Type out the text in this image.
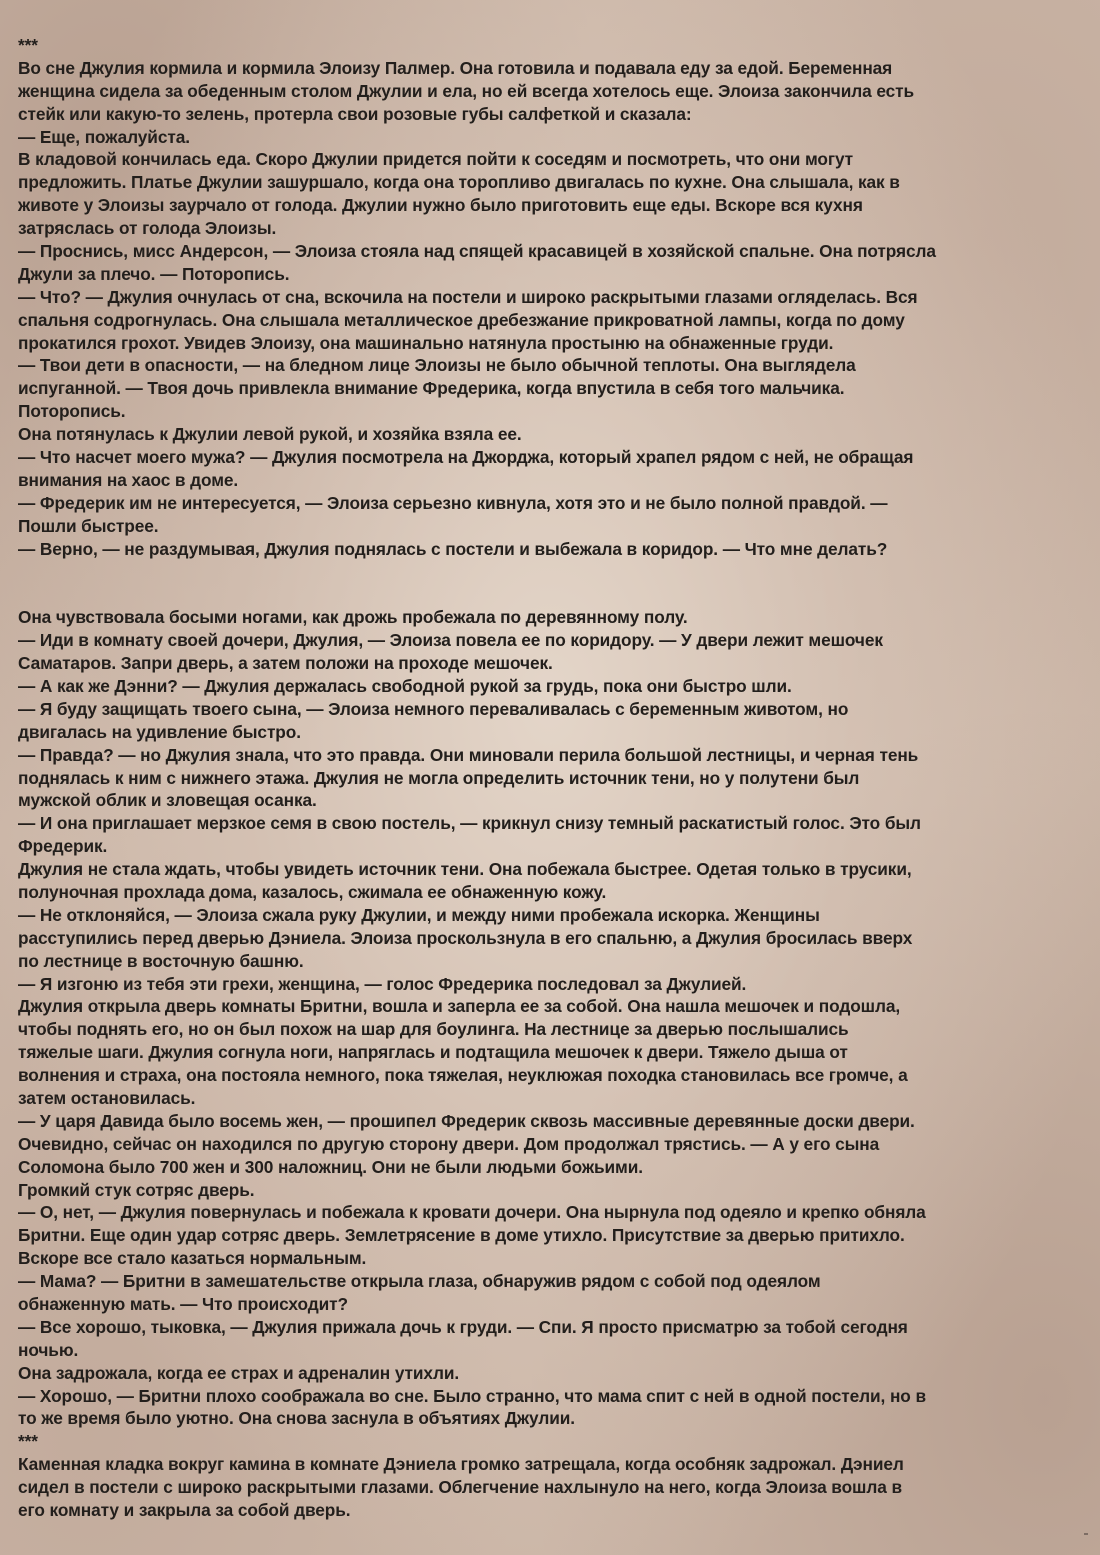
***
Во сне Джулия кормила и кормила Элоизу Палмер. Она готовила и подавала еду за едой. Беременная
женщина сидела за обеденным столом Джулии и ела, но ей всегда хотелось еще. Элоиза закончила есть
стейк или какую-то зелень, протерла свои розовые губы салфеткой и сказала:
— Еще, пожалуйста.
В кладовой кончилась еда. Скоро Джулии придется пойти к соседям и посмотреть, что они могут
предложить. Платье Джулии зашуршало, когда она торопливо двигалась по кухне. Она слышала, как в
животе у Элоизы заурчало от голода. Джулии нужно было приготовить еще еды. Вскоре вся кухня
затряслась от голода Элоизы.
— Проснись, мисс Андерсон, — Элоиза стояла над спящей красавицей в хозяйской спальне. Она потрясла
Джули за плечо. — Поторопись.
— Что? — Джулия очнулась от сна, вскочила на постели и широко раскрытыми глазами огляделась. Вся
спальня содрогнулась. Она слышала металлическое дребезжание прикроватной лампы, когда по дому
прокатился грохот. Увидев Элоизу, она машинально натянула простыню на обнаженные груди.
— Твои дети в опасности, — на бледном лице Элоизы не было обычной теплоты. Она выглядела
испуганной. — Твоя дочь привлекла внимание Фредерика, когда впустила в себя того мальчика.
Поторопись.
Она потянулась к Джулии левой рукой, и хозяйка взяла ее.
— Что насчет моего мужа? — Джулия посмотрела на Джорджа, который храпел рядом с ней, не обращая
внимания на хаос в доме.
— Фредерик им не интересуется, — Элоиза серьезно кивнула, хотя это и не было полной правдой. —
Пошли быстрее.
— Верно, — не раздумывая, Джулия поднялась с постели и выбежала в коридор. — Что мне делать?
Она чувствовала босыми ногами, как дрожь пробежала по деревянному полу.
— Иди в комнату своей дочери, Джулия, — Элоиза повела ее по коридору. — У двери лежит мешочек
Саматаров. Запри дверь, а затем положи на проходе мешочек.
— А как же Дэнни? — Джулия держалась свободной рукой за грудь, пока они быстро шли.
— Я буду защищать твоего сына, — Элоиза немного переваливалась с беременным животом, но
двигалась на удивление быстро.
— Правда? — но Джулия знала, что это правда. Они миновали перила большой лестницы, и черная тень
поднялась к ним с нижнего этажа. Джулия не могла определить источник тени, но у полутени был
мужской облик и зловещая осанка.
— И она приглашает мерзкое семя в свою постель, — крикнул снизу темный раскатистый голос. Это был
Фредерик.
Джулия не стала ждать, чтобы увидеть источник тени. Она побежала быстрее. Одетая только в трусики,
полуночная прохлада дома, казалось, сжимала ее обнаженную кожу.
— Не отклоняйся, — Элоиза сжала руку Джулии, и между ними пробежала искорка. Женщины
расступились перед дверью Дэниела. Элоиза проскользнула в его спальню, а Джулия бросилась вверх
по лестнице в восточную башню.
— Я изгоню из тебя эти грехи, женщина, — голос Фредерика последовал за Джулией.
Джулия открыла дверь комнаты Бритни, вошла и заперла ее за собой. Она нашла мешочек и подошла,
чтобы поднять его, но он был похож на шар для боулинга. На лестнице за дверью послышались
тяжелые шаги. Джулия согнула ноги, напряглась и подтащила мешочек к двери. Тяжело дыша от
волнения и страха, она постояла немного, пока тяжелая, неуклюжая походка становилась все громче, а
затем остановилась.
— У царя Давида было восемь жен, — прошипел Фредерик сквозь массивные деревянные доски двери.
Очевидно, сейчас он находился по другую сторону двери. Дом продолжал трястись. — А у его сына
Соломона было 700 жен и 300 наложниц. Они не были людьми божьими.
Громкий стук сотряс дверь.
— О, нет, — Джулия повернулась и побежала к кровати дочери. Она нырнула под одеяло и крепко обняла
Бритни. Еще один удар сотряс дверь. Землетрясение в доме утихло. Присутствие за дверью притихло.
Вскоре все стало казаться нормальным.
— Мама? — Бритни в замешательстве открыла глаза, обнаружив рядом с собой под одеялом
обнаженную мать. — Что происходит?
— Все хорошо, тыковка, — Джулия прижала дочь к груди. — Спи. Я просто присматрю за тобой сегодня
ночью.
Она задрожала, когда ее страх и адреналин утихли.
— Хорошо, — Бритни плохо соображала во сне. Было странно, что мама спит с ней в одной постели, но в
то же время было уютно. Она снова заснула в объятиях Джулии.
***
Каменная кладка вокруг камина в комнате Дэниела громко затрещала, когда особняк задрожал. Дэниел
сидел в постели с широко раскрытыми глазами. Облегчение нахлынуло на него, когда Элоиза вошла в
его комнату и закрыла за собой дверь.
